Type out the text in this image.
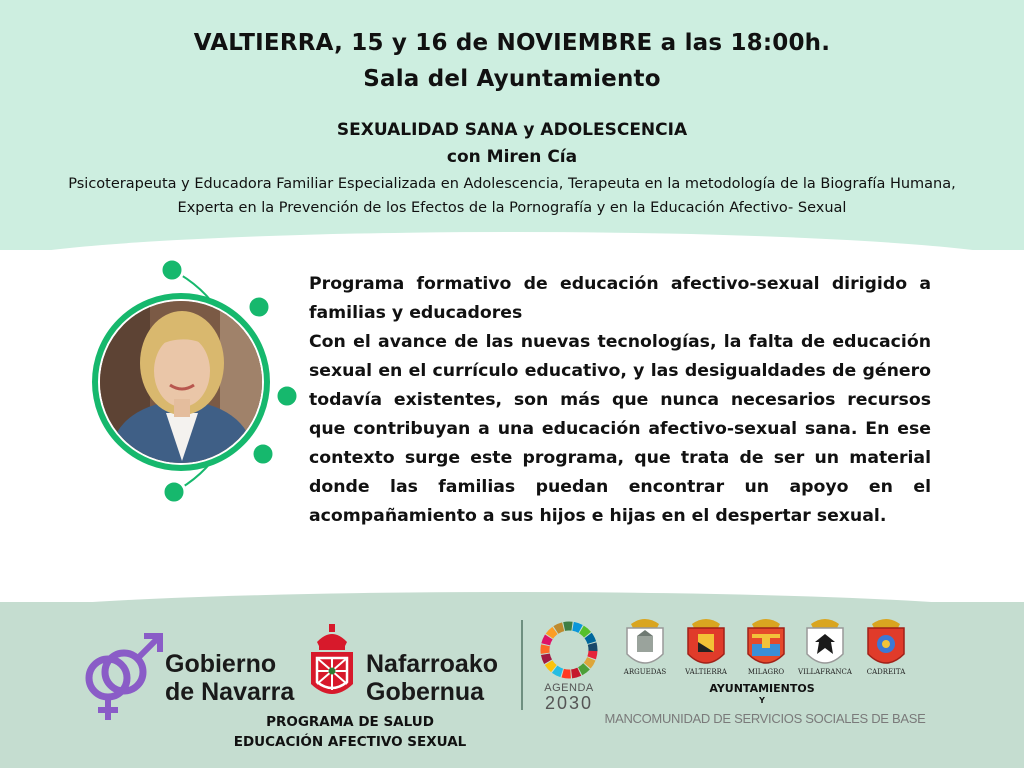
VALTIERRA, 15 y 16 de NOVIEMBRE a las 18:00h.
Sala del Ayuntamiento
SEXUALIDAD SANA y ADOLESCENCIA
con Miren Cía
Psicoterapeuta y Educadora Familiar Especializada en Adolescencia, Terapeuta en la metodología de la Biografía Humana, Experta en la Prevención de los Efectos de la Pornografía y en la Educación Afectivo- Sexual

Programa formativo de educación afectivo-sexual dirigido a familias y educadores

Con el avance de las nuevas tecnologías, la falta de educación sexual en el currículo educativo, y las desigualdades de género todavía existentes, son más que nunca necesarios recursos que contribuyan a una educación afectivo-sexual sana. En ese contexto surge este programa, que trata de ser un material donde las familias puedan encontrar un apoyo en el acompañamiento a sus hijos e hijas en el despertar sexual.

Gobierno
de Navarra
Nafarroako
Gobernua
PROGRAMA DE SALUD
EDUCACIÓN AFECTIVO SEXUAL
AGENDA
2030
ARGUEDAS	VALTIERRA	MILAGRO	VILLAFRANCA	CADREITA
AYUNTAMIENTOS
Y
MANCOMUNIDAD DE SERVICIOS SOCIALES DE BASE
